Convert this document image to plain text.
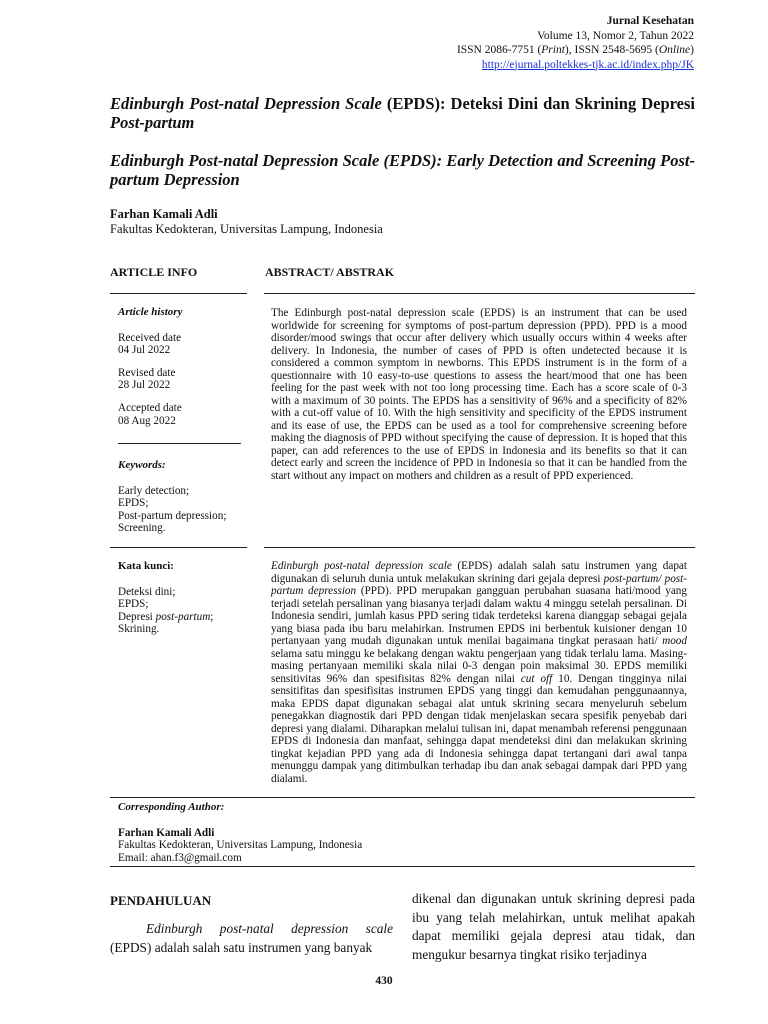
Jurnal Kesehatan
Volume 13, Nomor 2, Tahun 2022
ISSN 2086-7751 (Print), ISSN 2548-5695 (Online)
http://ejurnal.poltekkes-tjk.ac.id/index.php/JK
Edinburgh Post-natal Depression Scale (EPDS): Deteksi Dini dan Skrining Depresi Post-partum
Edinburgh Post-natal Depression Scale (EPDS): Early Detection and Screening Post-partum Depression
Farhan Kamali Adli
Fakultas Kedokteran, Universitas Lampung, Indonesia
ARTICLE INFO	ABSTRACT/ ABSTRAK
Article history
Received date
04 Jul 2022
Revised date
28 Jul 2022
Accepted date
08 Aug 2022
Keywords:
Early detection;
EPDS;
Post-partum depression;
Screening.
Kata kunci:
Deteksi dini;
EPDS;
Depresi post-partum;
Skrining.
The Edinburgh post-natal depression scale (EPDS) is an instrument that can be used worldwide for screening for symptoms of post-partum depression (PPD). PPD is a mood disorder/mood swings that occur after delivery which usually occurs within 4 weeks after delivery. In Indonesia, the number of cases of PPD is often undetected because it is considered a common symptom in newborns. This EPDS instrument is in the form of a questionnaire with 10 easy-to-use questions to assess the heart/mood that one has been feeling for the past week with not too long processing time. Each has a score scale of 0-3 with a maximum of 30 points. The EPDS has a sensitivity of 96% and a specificity of 82% with a cut-off value of 10. With the high sensitivity and specificity of the EPDS instrument and its ease of use, the EPDS can be used as a tool for comprehensive screening before making the diagnosis of PPD without specifying the cause of depression. It is hoped that this paper, can add references to the use of EPDS in Indonesia and its benefits so that it can detect early and screen the incidence of PPD in Indonesia so that it can be handled from the start without any impact on mothers and children as a result of PPD experienced.
Edinburgh post-natal depression scale (EPDS) adalah salah satu instrumen yang dapat digunakan di seluruh dunia untuk melakukan skrining dari gejala depresi post-partum/ post-partum depression (PPD). PPD merupakan gangguan perubahan suasana hati/mood yang terjadi setelah persalinan yang biasanya terjadi dalam waktu 4 minggu setelah persalinan. Di Indonesia sendiri, jumlah kasus PPD sering tidak terdeteksi karena dianggap sebagai gejala yang biasa pada ibu baru melahirkan. Instrumen EPDS ini berbentuk kuisioner dengan 10 pertanyaan yang mudah digunakan untuk menilai bagaimana tingkat perasaan hati/ mood selama satu minggu ke belakang dengan waktu pengerjaan yang tidak terlalu lama. Masing-masing pertanyaan memiliki skala nilai 0-3 dengan poin maksimal 30. EPDS memiliki sensitivitas 96% dan spesifisitas 82% dengan nilai cut off 10. Dengan tingginya nilai sensitifitas dan spesifisitas instrumen EPDS yang tinggi dan kemudahan penggunaannya, maka EPDS dapat digunakan sebagai alat untuk skrining secara menyeluruh sebelum penegakkan diagnostik dari PPD dengan tidak menjelaskan secara spesifik penyebab dari depresi yang dialami. Diharapkan melalui tulisan ini, dapat menambah referensi penggunaan EPDS di Indonesia dan manfaat, sehingga dapat mendeteksi dini dan melakukan skrining tingkat kejadian PPD yang ada di Indonesia sehingga dapat tertangani dari awal tanpa menunggu dampak yang ditimbulkan terhadap ibu dan anak sebagai dampak dari PPD yang dialami.
Corresponding Author:
Farhan Kamali Adli
Fakultas Kedokteran, Universitas Lampung, Indonesia
Email: ahan.f3@gmail.com
PENDAHULUAN
Edinburgh post-natal depression scale (EPDS) adalah salah satu instrumen yang banyak
dikenal dan digunakan untuk skrining depresi pada ibu yang telah melahirkan, untuk melihat apakah dapat memiliki gejala depresi atau tidak, dan mengukur besarnya tingkat risiko terjadinya
430
